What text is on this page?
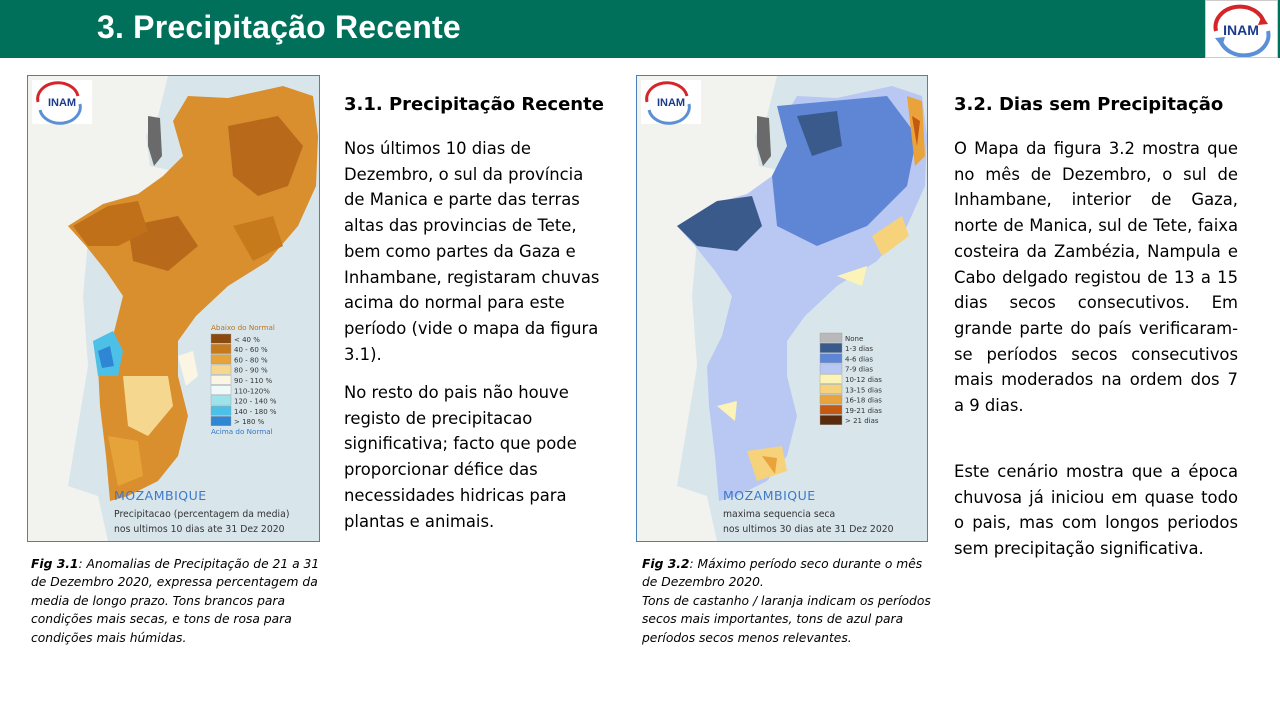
3. Precipitação Recente	INAM
INAM
Abaixo do Normal
< 40 %
40 - 60 %
60 - 80 %
80 - 90 %
90 - 110 %
110-120%
120 - 140 %
140 - 180 %
> 180 %
Acima do Normal
MOZAMBIQUE
Precipitacao (percentagem da media)
nos ultimos 10 dias ate 31 Dez 2020
INAM
None
1-3 dias
4-6 dias
7-9 dias
10-12 dias
13-15 dias
16-18 dias
19-21 dias
> 21 dias
MOZAMBIQUE
maxima sequencia seca
nos ultimos 30 dias ate 31 Dez 2020
Fig 3.1: Anomalias de Precipitação de 21 a 31 de Dezembro 2020, expressa percentagem da media de longo prazo. Tons brancos para condições mais secas, e tons de rosa para condições mais húmidas.
Fig 3.2: Máximo período seco durante o mês de Dezembro 2020.
Tons de castanho / laranja indicam os períodos secos mais importantes, tons de azul para períodos secos menos relevantes.
3.1. Precipitação Recente

Nos últimos 10 dias de Dezembro, o sul da província de Manica e parte das terras altas das provincias de Tete, bem como partes da Gaza e Inhambane, registaram chuvas acima do normal para este período (vide o mapa da figura 3.1).

No resto do pais não houve registo de precipitacao significativa; facto que pode proporcionar défice das necessidades hidricas para plantas e animais.

3.2. Dias sem Precipitação

O Mapa da figura 3.2 mostra que no mês de Dezembro, o sul de Inhambane, interior de Gaza, norte de Manica, sul de Tete, faixa costeira da Zambézia, Nampula e Cabo delgado registou de 13 a 15 dias secos consecutivos. Em grande parte do país verificaram-se períodos secos consecutivos mais moderados na ordem dos 7 a 9 dias.

Este cenário mostra que a época chuvosa já iniciou em quase todo o pais, mas com longos periodos sem precipitação significativa.
